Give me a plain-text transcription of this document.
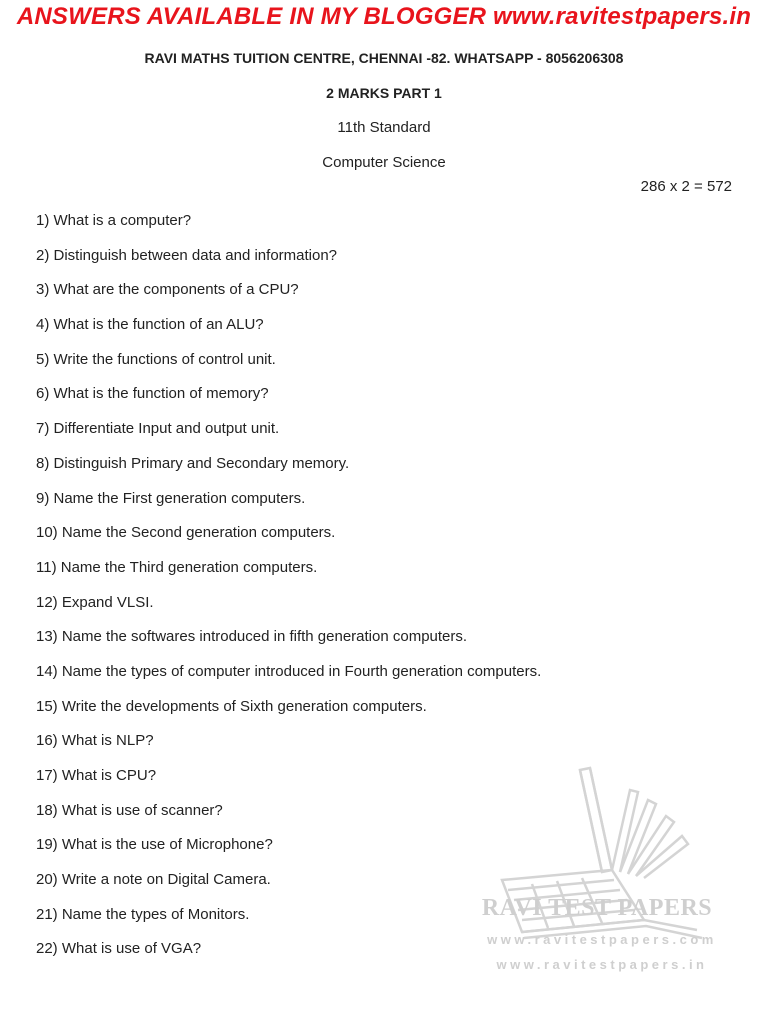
ANSWERS AVAILABLE IN MY BLOGGER www.ravitestpapers.in
RAVI MATHS TUITION CENTRE, CHENNAI -82. WHATSAPP - 8056206308
2 MARKS PART 1
11th Standard
Computer Science
286 x 2 = 572
1) What is a computer?
2) Distinguish between data and information?
3) What are the components of a CPU?
4) What is the function of an ALU?
5) Write the functions of control unit.
6) What is the function of memory?
7) Differentiate Input and output unit.
8) Distinguish Primary and Secondary memory.
9) Name the First generation computers.
10) Name the Second generation computers.
11) Name the Third generation computers.
12) Expand VLSI.
13) Name the softwares introduced in fifth generation computers.
14) Name the types of computer introduced in Fourth generation computers.
15) Write the developments of Sixth generation computers.
16) What is NLP?
17) What is CPU?
18) What is use of scanner?
19) What is the use of Microphone?
20) Write a note on Digital Camera.
21) Name the types of Monitors.
22) What is use of VGA?
RAVI TEST PAPERS
www.ravitestpapers.com
www.ravitestpapers.in
